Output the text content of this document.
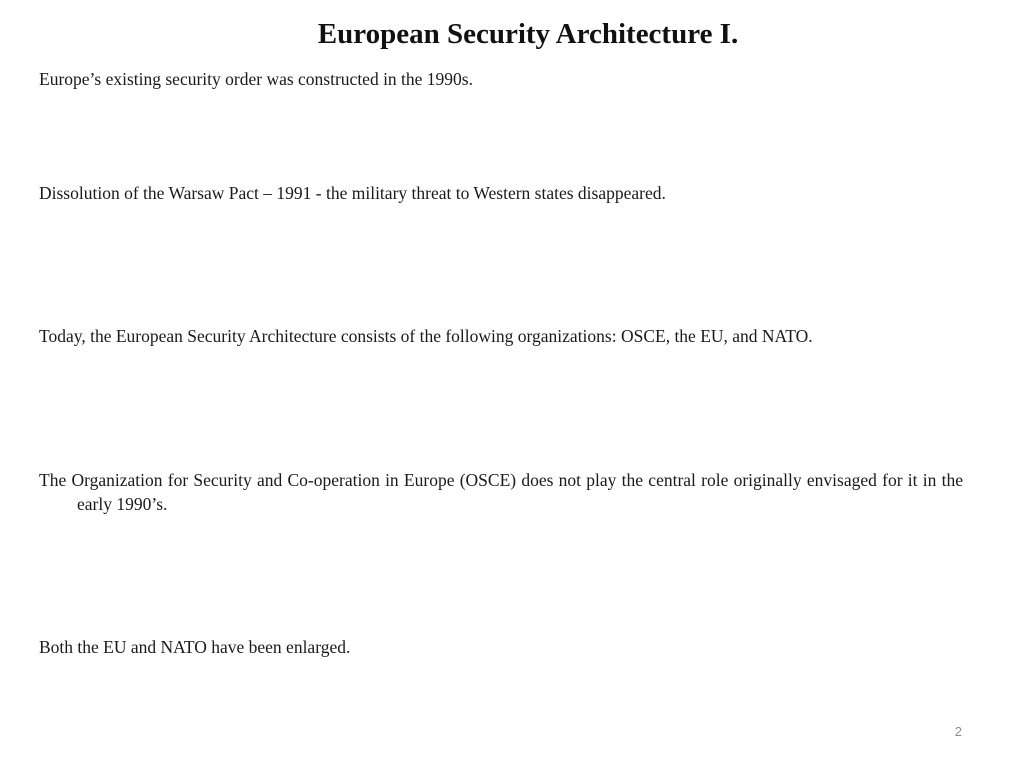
European Security Architecture I.

Europe’s existing security order was constructed in the 1990s.

Dissolution of the Warsaw Pact – 1991 - the military threat to Western states disappeared.

Today, the European Security Architecture consists of the following organizations: OSCE, the EU, and NATO.

The Organization for Security and Co-operation in Europe (OSCE) does not play the central role originally envisaged for it in the early 1990’s.

Both the EU and NATO have been enlarged.

2
